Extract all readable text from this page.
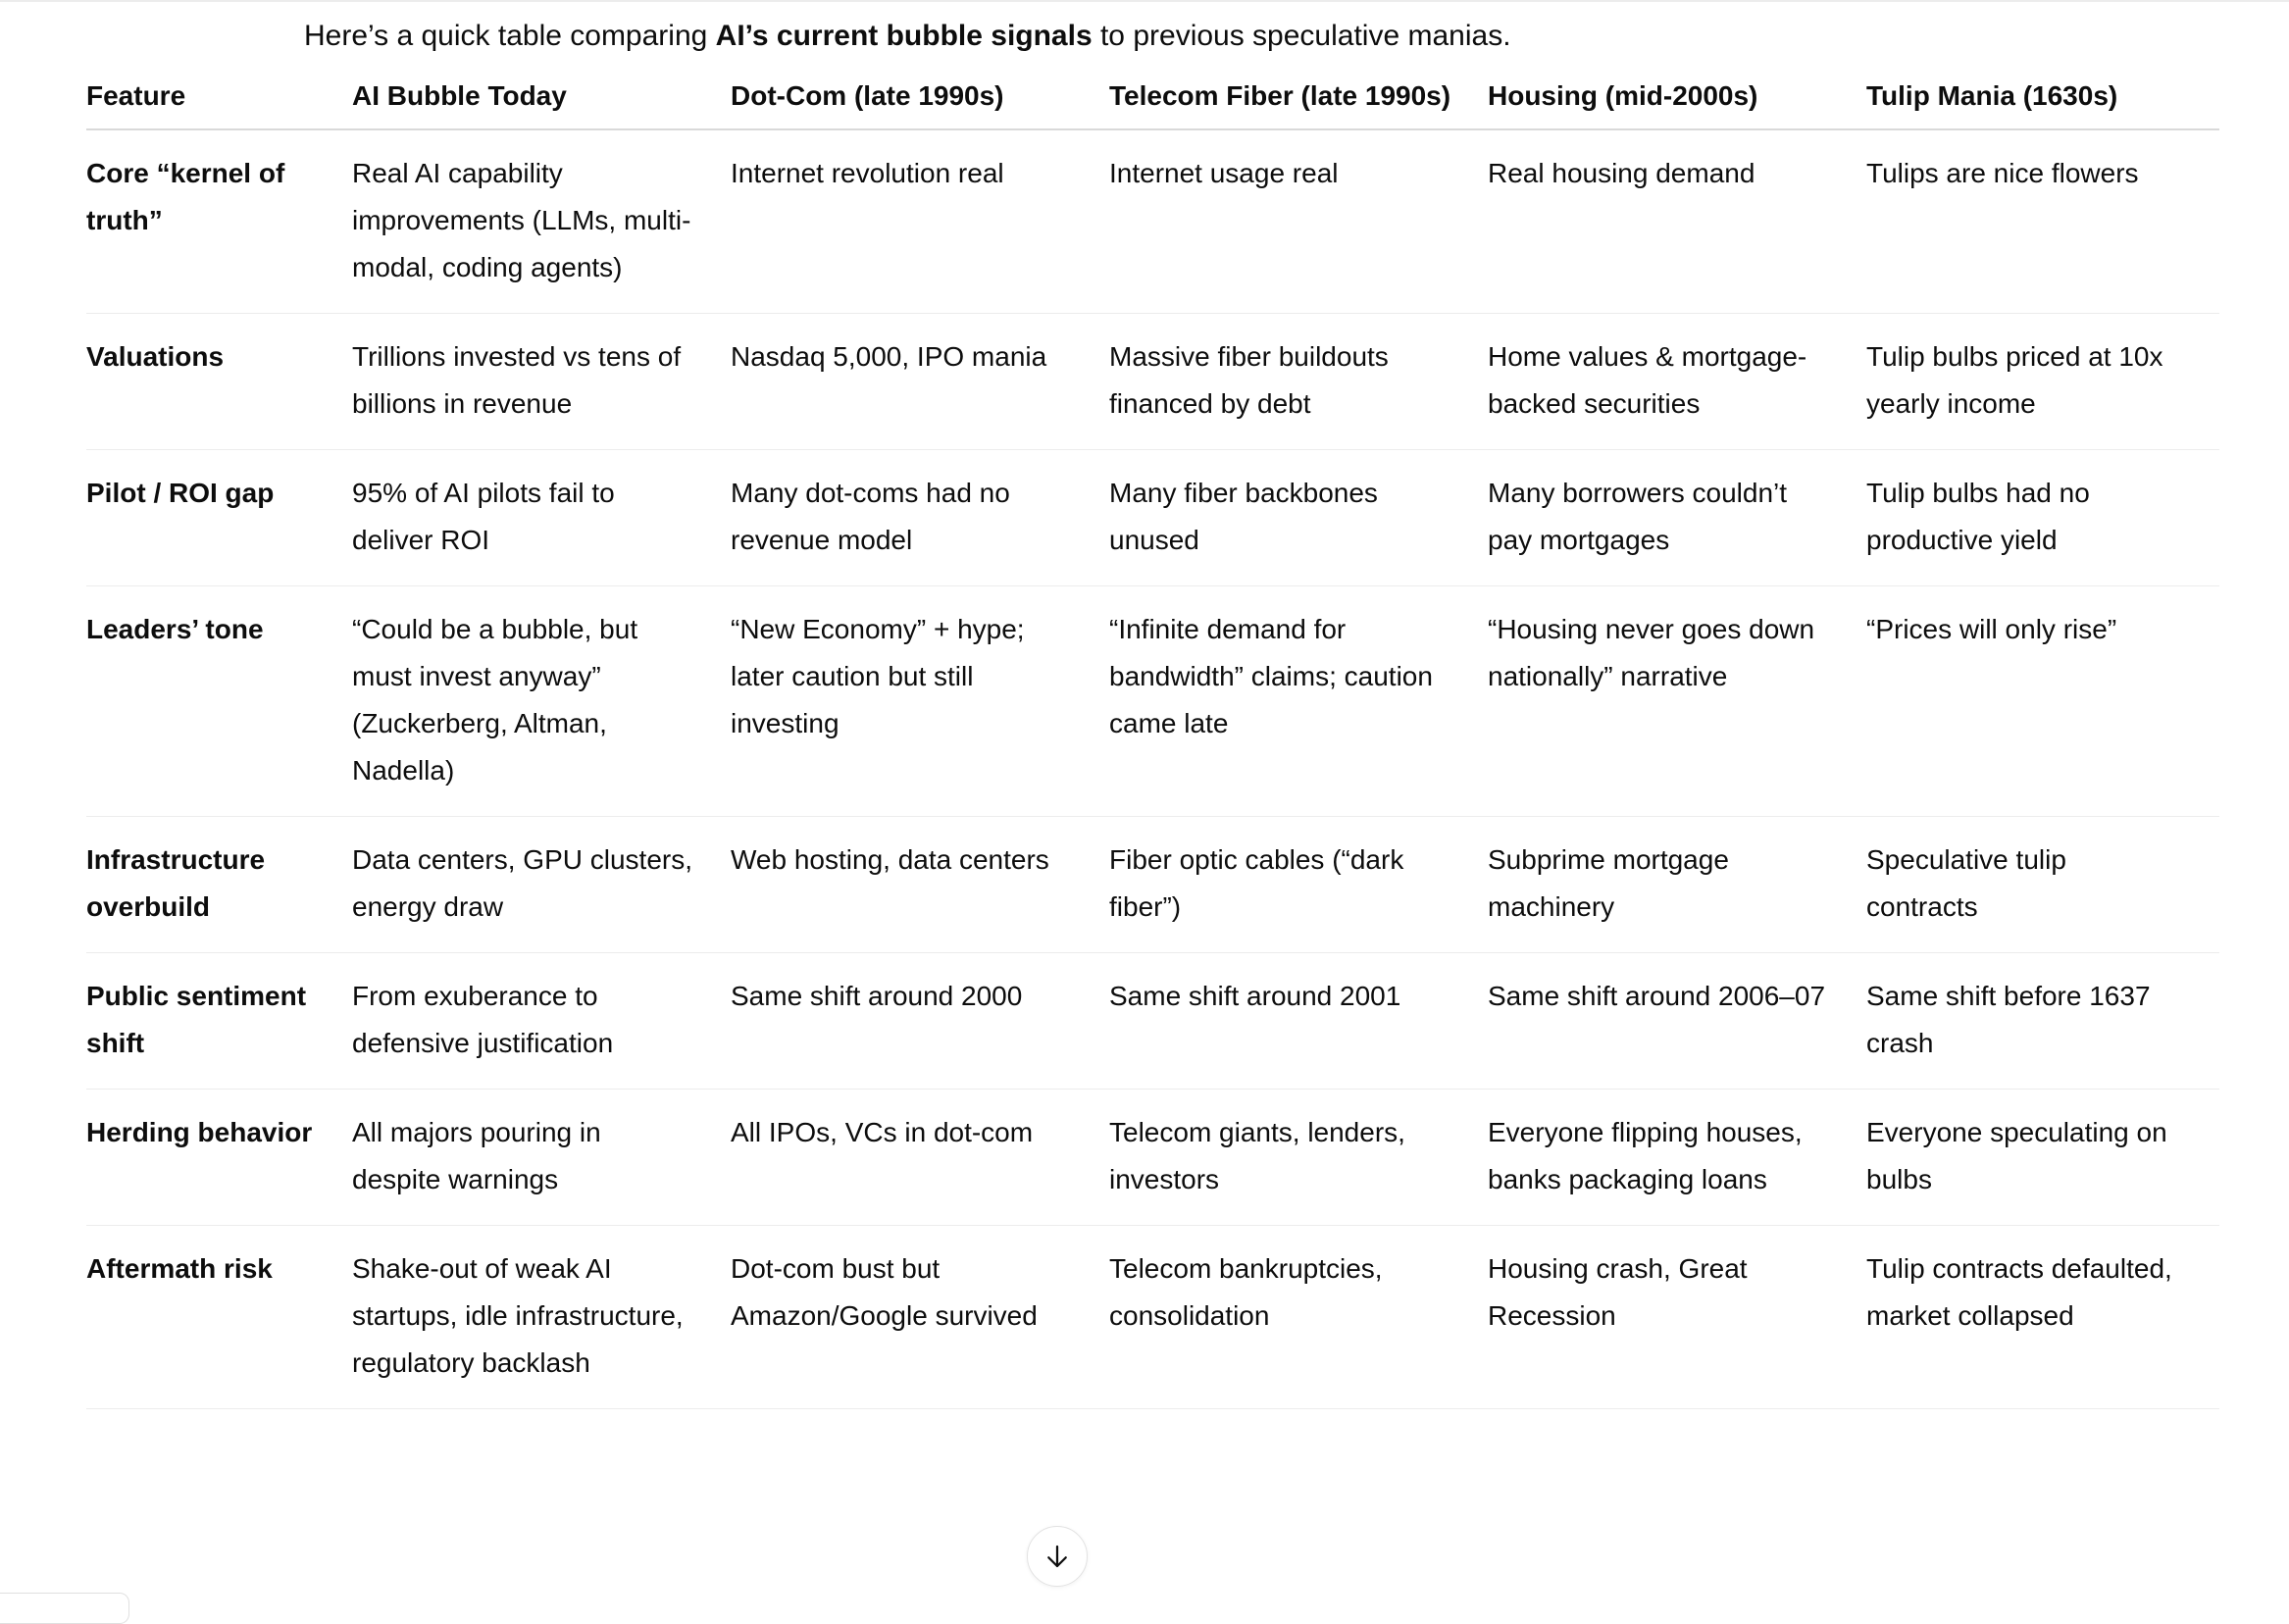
Here’s a quick table comparing AI’s current bubble signals to previous speculative manias.

Feature	AI Bubble Today	Dot-Com (late 1990s)	Telecom Fiber (late 1990s)	Housing (mid-2000s)	Tulip Mania (1630s)
Core “kernel of truth”	Real AI capability improvements (LLMs, multi-modal, coding agents)	Internet revolution real	Internet usage real	Real housing demand	Tulips are nice flowers
Valuations	Trillions invested vs tens of billions in revenue	Nasdaq 5,000, IPO mania	Massive fiber buildouts financed by debt	Home values & mortgage-backed securities	Tulip bulbs priced at 10x yearly income
Pilot / ROI gap	95% of AI pilots fail to deliver ROI	Many dot-coms had no revenue model	Many fiber backbones unused	Many borrowers couldn’t pay mortgages	Tulip bulbs had no productive yield
Leaders’ tone	“Could be a bubble, but must invest anyway” (Zuckerberg, Altman, Nadella)	“New Economy” + hype; later caution but still investing	“Infinite demand for bandwidth” claims; caution came late	“Housing never goes down nationally” narrative	“Prices will only rise”
Infrastructure overbuild	Data centers, GPU clusters, energy draw	Web hosting, data centers	Fiber optic cables (“dark fiber”)	Subprime mortgage machinery	Speculative tulip contracts
Public sentiment shift	From exuberance to defensive justification	Same shift around 2000	Same shift around 2001	Same shift around 2006–07	Same shift before 1637 crash
Herding behavior	All majors pouring in despite warnings	All IPOs, VCs in dot-com	Telecom giants, lenders, investors	Everyone flipping houses, banks packaging loans	Everyone speculating on bulbs
Aftermath risk	Shake-out of weak AI startups, idle infrastructure, regulatory backlash	Dot-com bust but Amazon/Google survived	Telecom bankruptcies, consolidation	Housing crash, Great Recession	Tulip contracts defaulted, market collapsed
